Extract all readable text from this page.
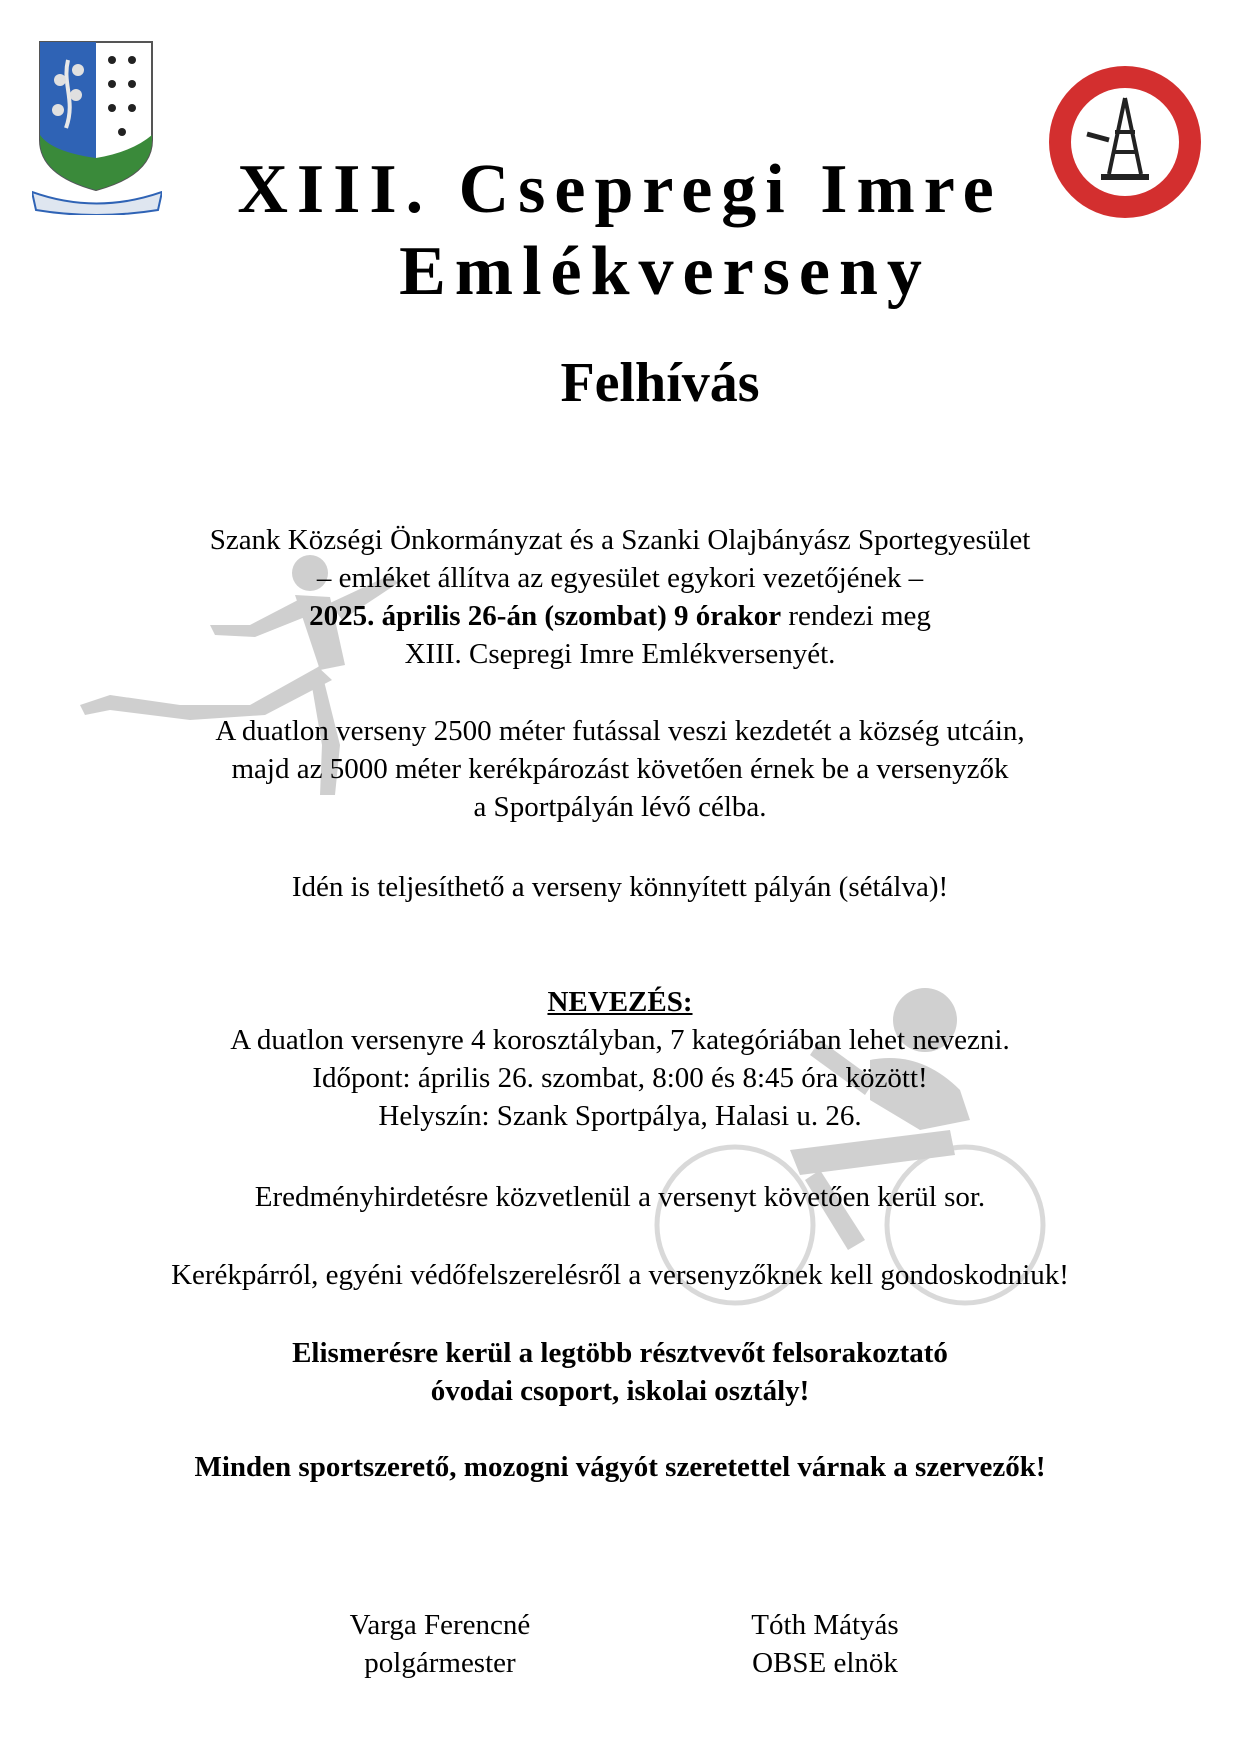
XIII. Csepregi Imre
Emlékverseny
Felhívás
Szank Községi Önkormányzat és a Szanki Olajbányász Sportegyesület
– emléket állítva az egyesület egykori vezetőjének –
2025. április 26-án (szombat) 9 órakor rendezi meg
XIII. Csepregi Imre Emlékversenyét.
A duatlon verseny 2500 méter futással veszi kezdetét a község utcáin,
majd az 5000 méter kerékpározást követően érnek be a versenyzők
a Sportpályán lévő célba.
Idén is teljesíthető a verseny könnyített pályán (sétálva)!
NEVEZÉS:
A duatlon versenyre 4 korosztályban, 7 kategóriában lehet nevezni.
Időpont: április 26. szombat, 8:00 és 8:45 óra között!
Helyszín: Szank Sportpálya, Halasi u. 26.
Eredményhirdetésre közvetlenül a versenyt követően kerül sor.
Kerékpárról, egyéni védőfelszerelésről a versenyzőknek kell gondoskodniuk!
Elismerésre kerül a legtöbb résztvevőt felsorakoztató
óvodai csoport, iskolai osztály!
Minden sportszerető, mozogni vágyót szeretettel várnak a szervezők!
Varga Ferencné
polgármester
Tóth Mátyás
OBSE elnök
